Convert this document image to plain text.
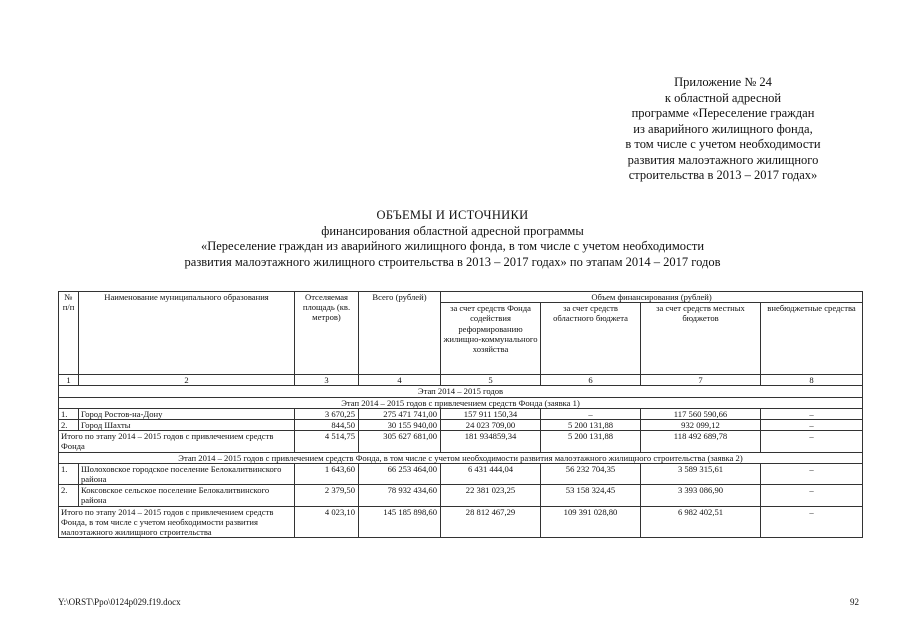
Приложение № 24
к областной адресной
программе «Переселение граждан
из аварийного жилищного фонда,
в том числе с учетом необходимости
развития малоэтажного жилищного
строительства в 2013 – 2017 годах»
ОБЪЕМЫ И ИСТОЧНИКИ
финансирования областной адресной программы
«Переселение граждан из аварийного жилищного фонда, в том числе с учетом необходимости
развития малоэтажного жилищного строительства в 2013 – 2017 годах» по этапам 2014 – 2017 годов
№ п/п	Наименование муниципального образования	Отселяемая площадь (кв. метров)	Всего (рублей)	Объем финансирования (рублей)			
				за счет средств Фонда содействия реформированию жилищно-коммунального хозяйства	за счет средств областного бюджета	за счет средств местных бюджетов	внебюджетные средства
1	2	3	4	5	6	7	8
Этап 2014 – 2015 годов							
Этап 2014 – 2015 годов с привлечением средств Фонда (заявка 1)							
1.	Город Ростов-на-Дону	3 670,25	275 471 741,00	157 911 150,34	–	117 560 590,66	–
2.	Город Шахты	844,50	30 155 940,00	24 023 709,00	5 200 131,88	932 099,12	–
Итого по этапу 2014 – 2015 годов с привлечением средств Фонда		4 514,75	305 627 681,00	181 934859,34	5 200 131,88	118 492 689,78	–
Этап 2014 – 2015 годов с привлечением средств Фонда, в том числе с учетом необходимости развития малоэтажного жилищного строительства (заявка 2)							
1.	Шолоховское городское поселение Белокалитвинского района	1 643,60	66 253 464,00	6 431 444,04	56 232 704,35	3 589 315,61	–
2.	Коксовское сельское поселение Белокалитвинского района	2 379,50	78 932 434,60	22 381 023,25	53 158 324,45	3 393 086,90	–
Итого по этапу 2014 – 2015 годов с привлечением средств Фонда, в том числе с учетом необходимости развития малоэтажного жилищного строительства		4 023,10	145 185 898,60	28 812 467,29	109 391 028,80	6 982 402,51	–
Y:\ORST\Ppo\0124p029.f19.docx	92
